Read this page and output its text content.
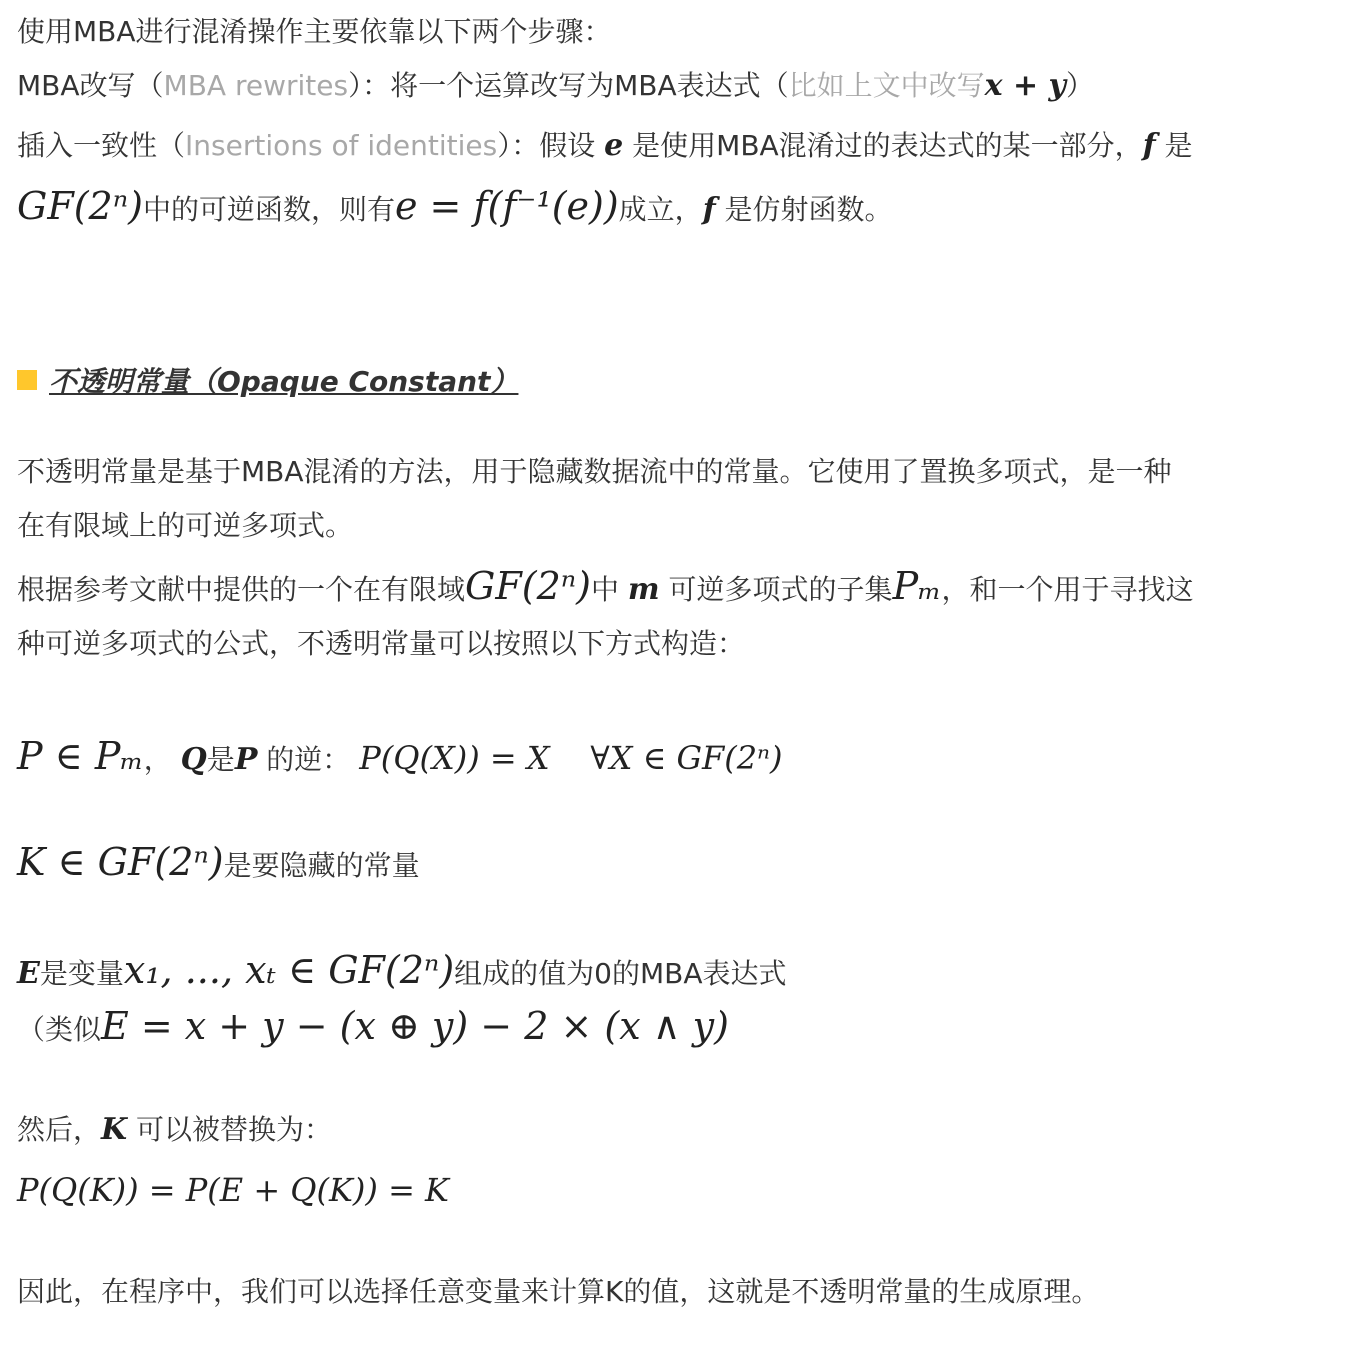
使用MBA进行混淆操作主要依靠以下两个步骤：
MBA改写（MBA rewrites）：将一个运算改写为MBA表达式（比如上文中改写x + y）
插入一致性（Insertions of identities）：假设 e 是使用MBA混淆过的表达式的某一部分，f 是
GF(2ⁿ)中的可逆函数，则有e = f(f⁻¹(e))成立，f 是仿射函数。
不透明常量（Opaque Constant）
不透明常量是基于MBA混淆的方法，用于隐藏数据流中的常量。它使用了置换多项式，是一种
在有限域上的可逆多项式。
根据参考文献中提供的一个在有限域GF(2ⁿ)中 m 可逆多项式的子集Pₘ，和一个用于寻找这
种可逆多项式的公式，不透明常量可以按照以下方式构造：
P ∈ Pₘ， Q是P 的逆： P(Q(X)) = X    ∀X ∈ GF(2ⁿ)
K ∈ GF(2ⁿ)是要隐藏的常量
E是变量x₁, ..., xₜ ∈ GF(2ⁿ)组成的值为0的MBA表达式
（类似E = x + y − (x ⊕ y) − 2 × (x ∧ y)
然后，K 可以被替换为：
P(Q(K)) = P(E + Q(K)) = K
因此，在程序中，我们可以选择任意变量来计算K的值，这就是不透明常量的生成原理。
